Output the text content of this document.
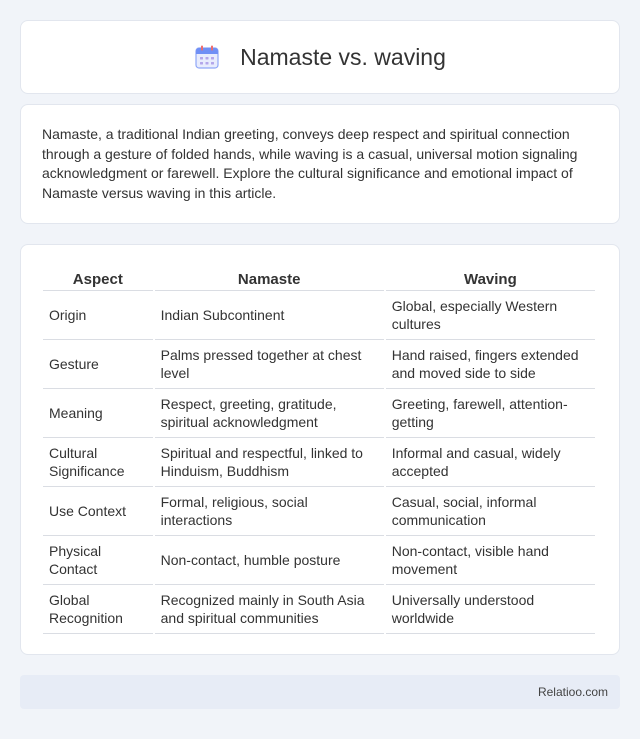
Namaste vs. waving

Namaste, a traditional Indian greeting, conveys deep respect and spiritual connection through a gesture of folded hands, while waving is a casual, universal motion signaling acknowledgment or farewell. Explore the cultural significance and emotional impact of Namaste versus waving in this article.

Aspect	Namaste	Waving
Origin	Indian Subcontinent	Global, especially Western cultures
Gesture	Palms pressed together at chest level	Hand raised, fingers extended and moved side to side
Meaning	Respect, greeting, gratitude, spiritual acknowledgment	Greeting, farewell, attention-getting
Cultural Significance	Spiritual and respectful, linked to Hinduism, Buddhism	Informal and casual, widely accepted
Use Context	Formal, religious, social interactions	Casual, social, informal communication
Physical Contact	Non-contact, humble posture	Non-contact, visible hand movement
Global Recognition	Recognized mainly in South Asia and spiritual communities	Universally understood worldwide
Relatioo.com
